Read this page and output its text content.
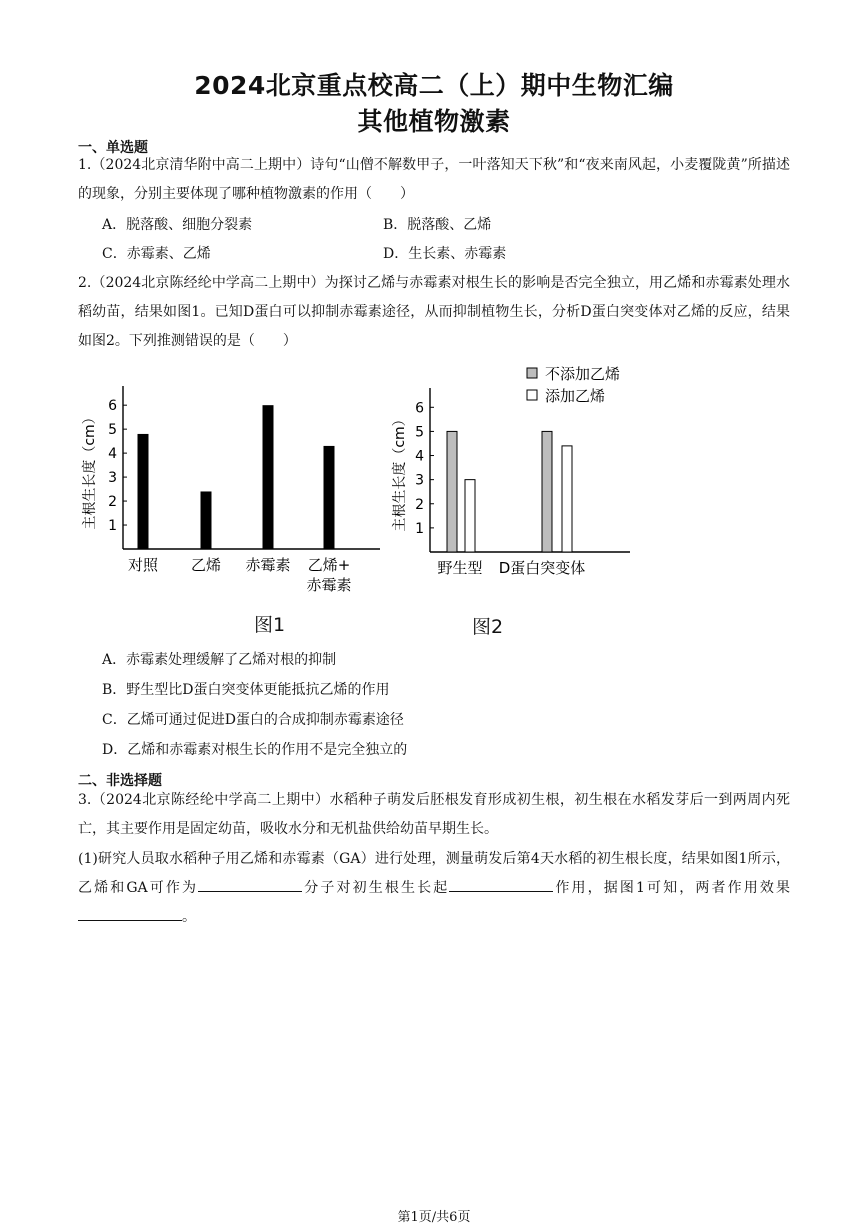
2024北京重点校高二（上）期中生物汇编
其他植物激素
一、单选题
1.（2024北京清华附中高二上期中）诗句“山僧不解数甲子，一叶落知天下秋”和“夜来南风起，小麦覆陇黄”所描述的现象，分别主要体现了哪种植物激素的作用（　　）
A．脱落酸、细胞分裂素	B．脱落酸、乙烯
C．赤霉素、乙烯	D．生长素、赤霉素
2.（2024北京陈经纶中学高二上期中）为探讨乙烯与赤霉素对根生长的影响是否完全独立，用乙烯和赤霉素处理水稻幼苗，结果如图1。已知D蛋白可以抑制赤霉素途径，从而抑制植物生长，分析D蛋白突变体对乙烯的反应，结果如图2。下列推测错误的是（　　）
1
2
3
4
5
6
主根生长度（cm）
对照 乙烯 赤霉素 乙烯+
赤霉素
图1
1
2
3
4
5
6
主根生长度（cm）
野生型 D蛋白突变体
不添加乙烯
添加乙烯
图2
A．赤霉素处理缓解了乙烯对根的抑制
B．野生型比D蛋白突变体更能抵抗乙烯的作用
C．乙烯可通过促进D蛋白的合成抑制赤霉素途径
D．乙烯和赤霉素对根生长的作用不是完全独立的
二、非选择题
3.（2024北京陈经纶中学高二上期中）水稻种子萌发后胚根发育形成初生根，初生根在水稻发芽后一到两周内死亡，其主要作用是固定幼苗，吸收水分和无机盐供给幼苗早期生长。
(1)研究人员取水稻种子用乙烯和赤霉素（GA）进行处理，测量萌发后第4天水稻的初生根长度，结果如图1所示，乙烯和GA可作为	分子对初生根生长起	作用，据图1可知，两者作用效果。
第1页/共6页
